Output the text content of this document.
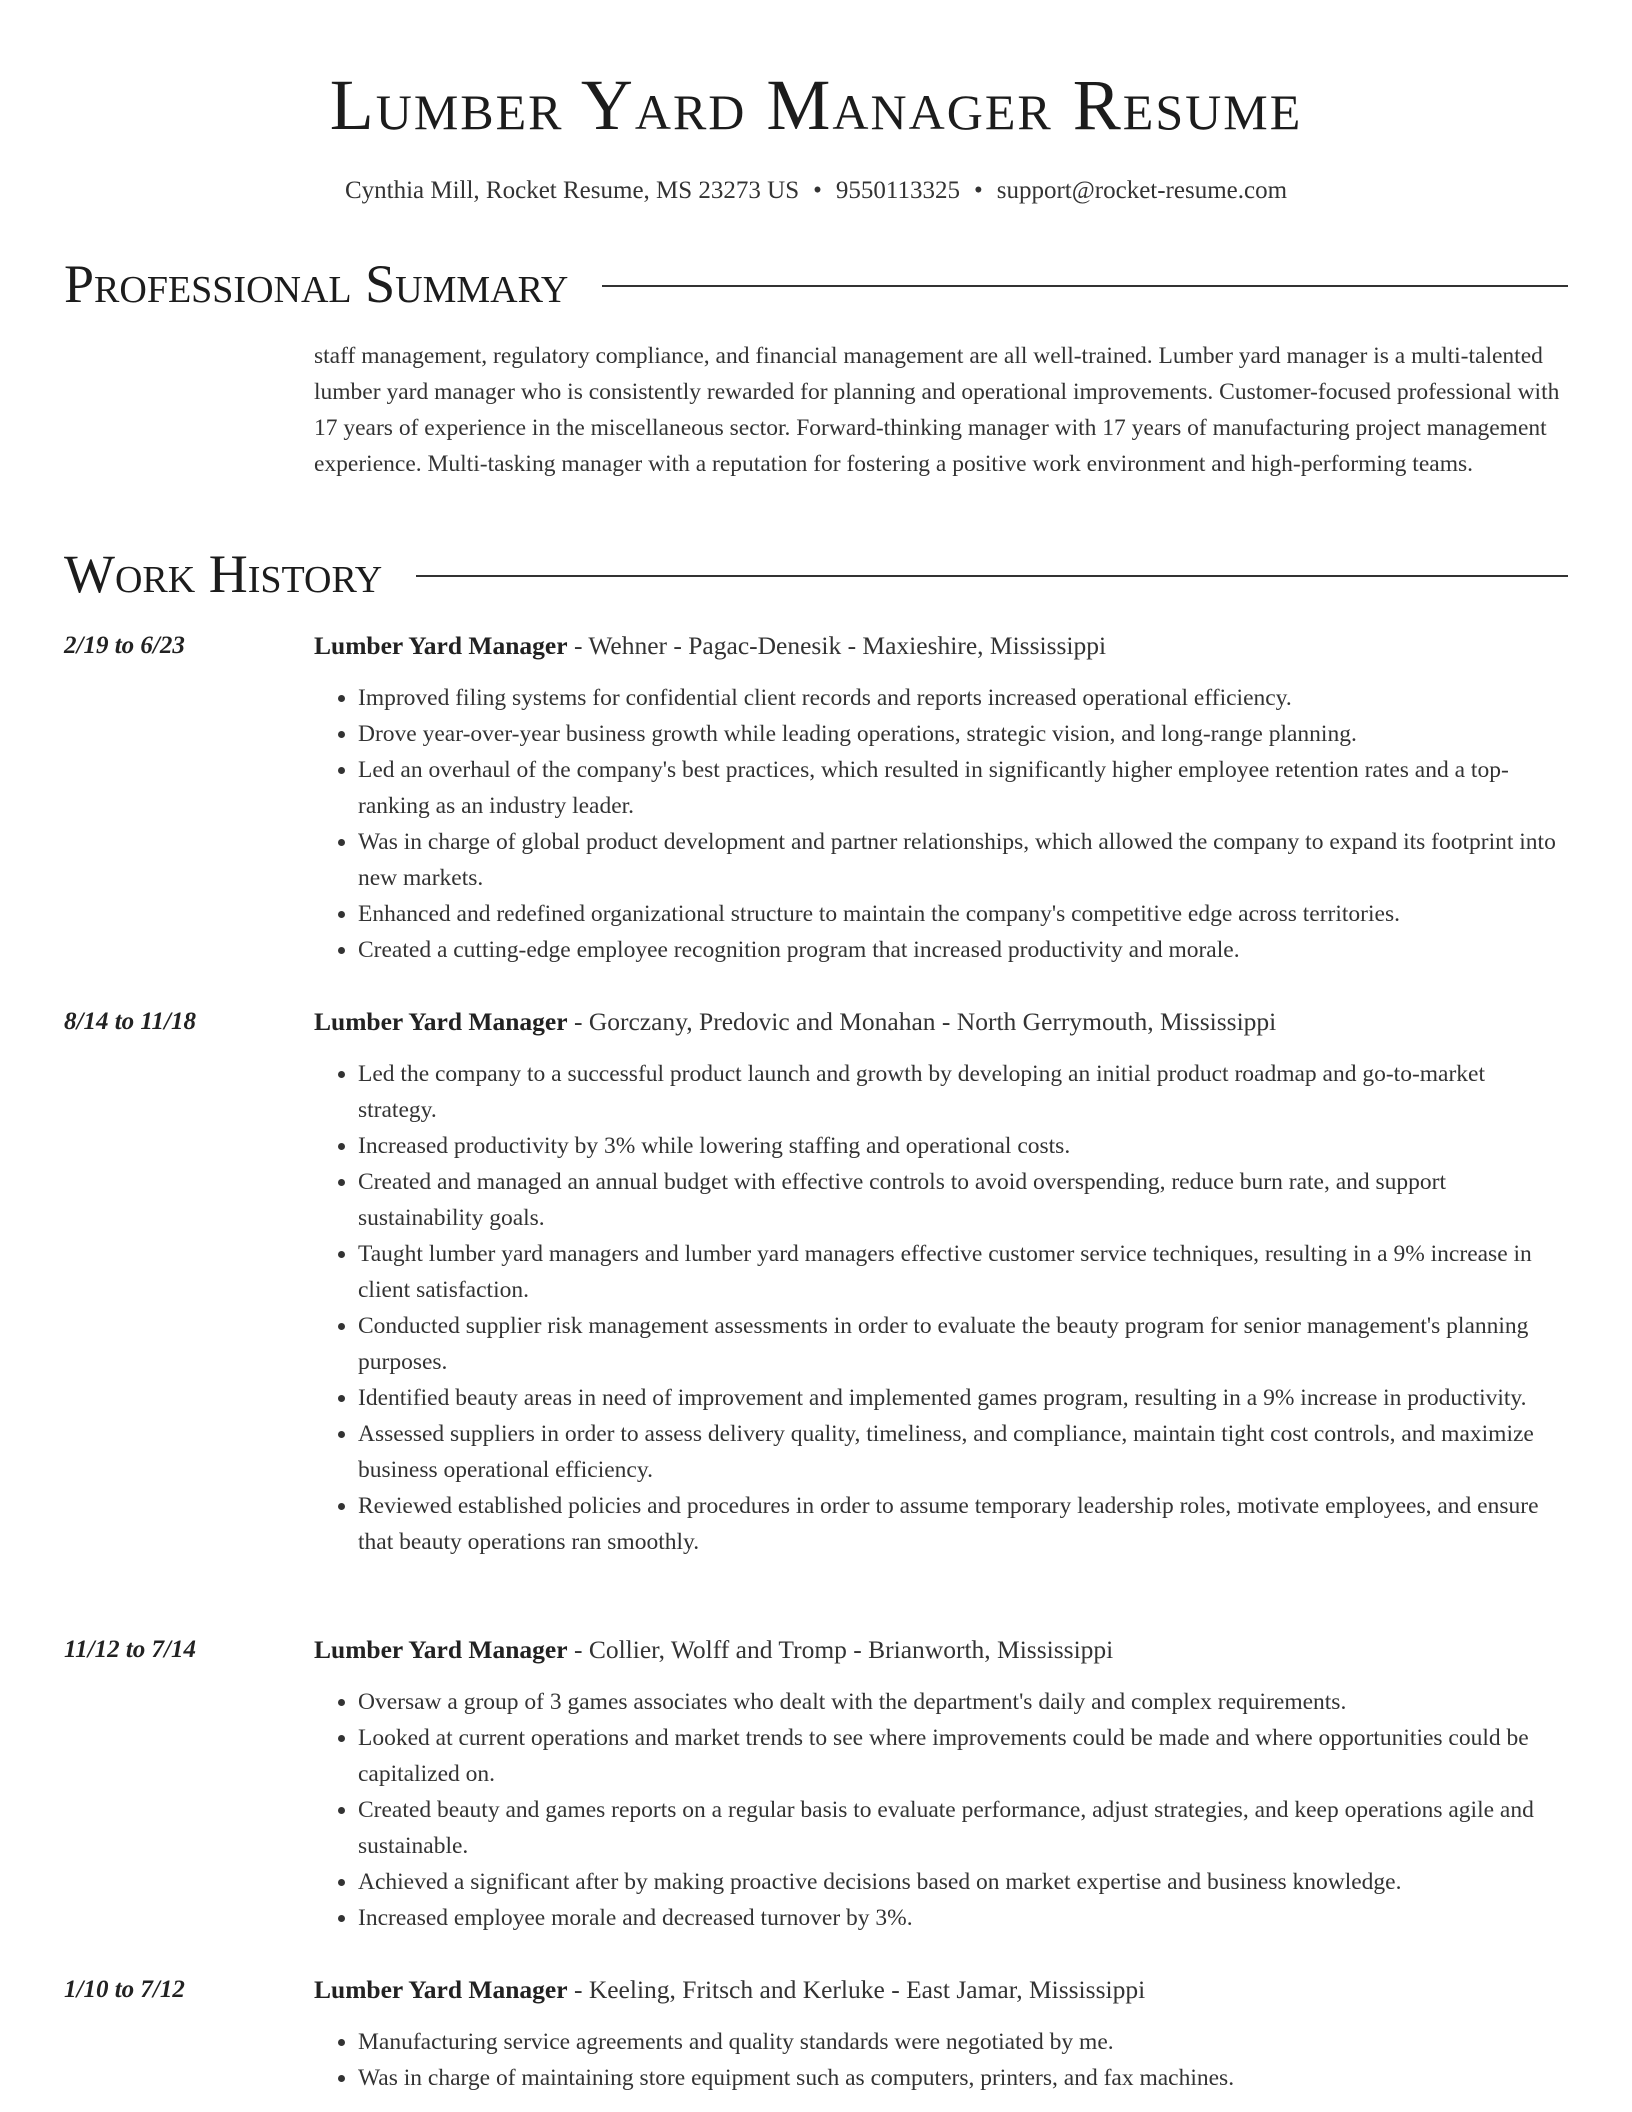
Lumber Yard Manager Resume
Cynthia Mill, Rocket Resume, MS 23273 US • 9550113325 • support@rocket-resume.com
Professional Summary

staff management, regulatory compliance, and financial management are all well-trained. Lumber yard manager is a multi-talented lumber yard manager who is consistently rewarded for planning and operational improvements. Customer-focused professional with 17 years of experience in the miscellaneous sector. Forward-thinking manager with 17 years of manufacturing project management experience. Multi-tasking manager with a reputation for fostering a positive work environment and high-performing teams.

Work History
2/19 to 6/23	Lumber Yard Manager - Wehner - Pagac-Denesik - Maxieshire, Mississippi
• Improved filing systems for confidential client records and reports increased operational efficiency.
• Drove year-over-year business growth while leading operations, strategic vision, and long-range planning.
• Led an overhaul of the company's best practices, which resulted in significantly higher employee retention rates and a top-ranking as an industry leader.
• Was in charge of global product development and partner relationships, which allowed the company to expand its footprint into new markets.
• Enhanced and redefined organizational structure to maintain the company's competitive edge across territories.
• Created a cutting-edge employee recognition program that increased productivity and morale.
8/14 to 11/18	Lumber Yard Manager - Gorczany, Predovic and Monahan - North Gerrymouth, Mississippi
• Led the company to a successful product launch and growth by developing an initial product roadmap and go-to-market strategy.
• Increased productivity by 3% while lowering staffing and operational costs.
• Created and managed an annual budget with effective controls to avoid overspending, reduce burn rate, and support sustainability goals.
• Taught lumber yard managers and lumber yard managers effective customer service techniques, resulting in a 9% increase in client satisfaction.
• Conducted supplier risk management assessments in order to evaluate the beauty program for senior management's planning purposes.
• Identified beauty areas in need of improvement and implemented games program, resulting in a 9% increase in productivity.
• Assessed suppliers in order to assess delivery quality, timeliness, and compliance, maintain tight cost controls, and maximize business operational efficiency.
• Reviewed established policies and procedures in order to assume temporary leadership roles, motivate employees, and ensure that beauty operations ran smoothly.
11/12 to 7/14	Lumber Yard Manager - Collier, Wolff and Tromp - Brianworth, Mississippi
• Oversaw a group of 3 games associates who dealt with the department's daily and complex requirements.
• Looked at current operations and market trends to see where improvements could be made and where opportunities could be capitalized on.
• Created beauty and games reports on a regular basis to evaluate performance, adjust strategies, and keep operations agile and sustainable.
• Achieved a significant after by making proactive decisions based on market expertise and business knowledge.
• Increased employee morale and decreased turnover by 3%.
1/10 to 7/12	Lumber Yard Manager - Keeling, Fritsch and Kerluke - East Jamar, Mississippi
• Manufacturing service agreements and quality standards were negotiated by me.
• Was in charge of maintaining store equipment such as computers, printers, and fax machines.
